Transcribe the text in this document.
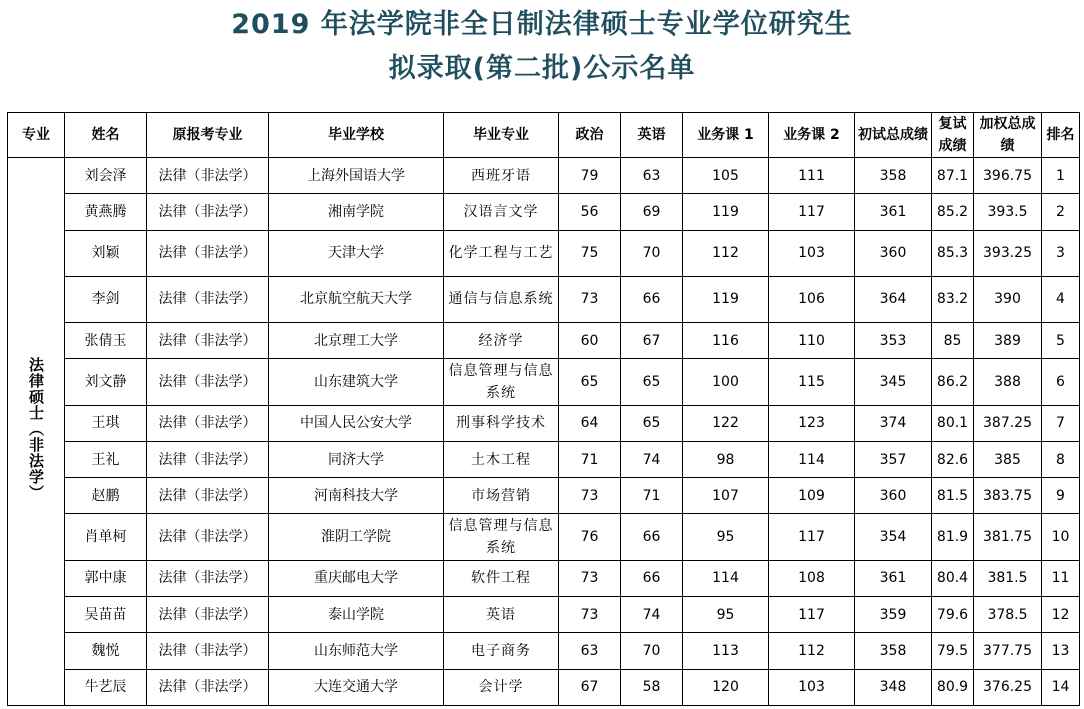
2019 年法学院非全日制法律硕士专业学位研究生
拟录取(第二批)公示名单
专业	姓名	原报考专业	毕业学校	毕业专业	政治	英语	业务课 1	业务课 2	初试总成绩	复试成绩	加权总成绩	排名
法律硕士（非法学）	刘会泽	法律（非法学）	上海外国语大学	西班牙语	79	63	105	111	358	87.1	396.75	1
	黄燕腾	法律（非法学）	湘南学院	汉语言文学	56	69	119	117	361	85.2	393.5	2
	刘颖	法律（非法学）	天津大学	化学工程与工艺	75	70	112	103	360	85.3	393.25	3
	李剑	法律（非法学）	北京航空航天大学	通信与信息系统	73	66	119	106	364	83.2	390	4
	张倩玉	法律（非法学）	北京理工大学	经济学	60	67	116	110	353	85	389	5
	刘文静	法律（非法学）	山东建筑大学	信息管理与信息系统	65	65	100	115	345	86.2	388	6
	王琪	法律（非法学）	中国人民公安大学	刑事科学技术	64	65	122	123	374	80.1	387.25	7
	王礼	法律（非法学）	同济大学	土木工程	71	74	98	114	357	82.6	385	8
	赵鹏	法律（非法学）	河南科技大学	市场营销	73	71	107	109	360	81.5	383.75	9
	肖单柯	法律（非法学）	淮阴工学院	信息管理与信息系统	76	66	95	117	354	81.9	381.75	10
	郭中康	法律（非法学）	重庆邮电大学	软件工程	73	66	114	108	361	80.4	381.5	11
	吴苗苗	法律（非法学）	泰山学院	英语	73	74	95	117	359	79.6	378.5	12
	魏悦	法律（非法学）	山东师范大学	电子商务	63	70	113	112	358	79.5	377.75	13
	牛艺辰	法律（非法学）	大连交通大学	会计学	67	58	120	103	348	80.9	376.25	14
